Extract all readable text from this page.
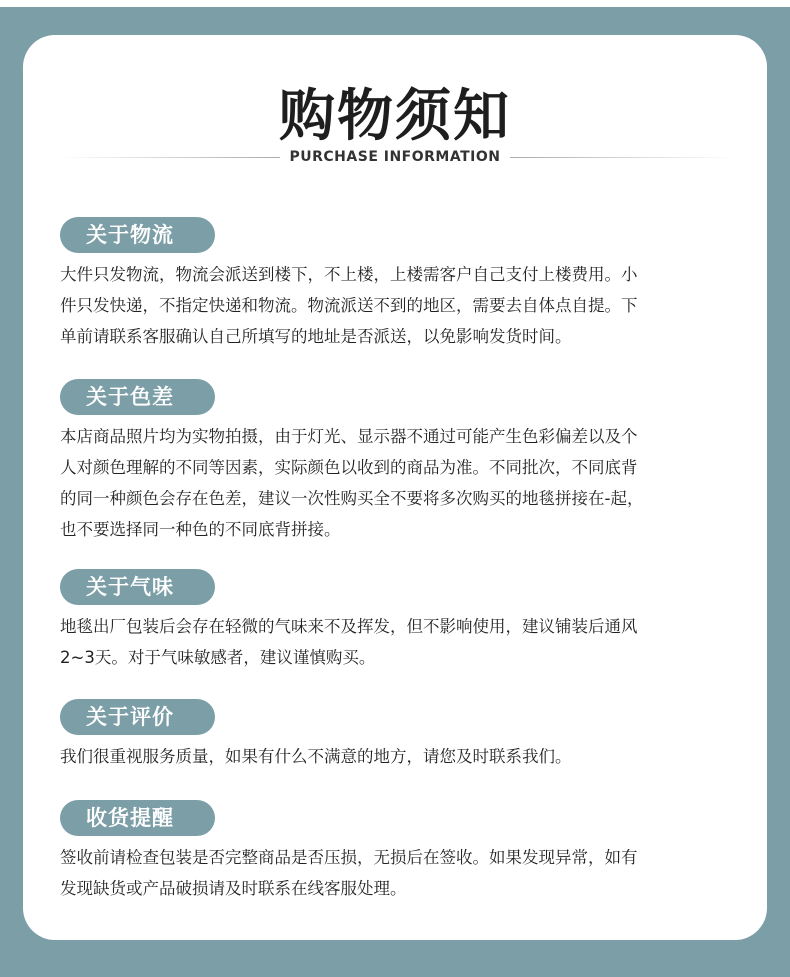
购物须知
PURCHASE INFORMATION
关于物流
大件只发物流，物流会派送到楼下，不上楼，上楼需客户自己支付上楼费用。小
件只发快递，不指定快递和物流。物流派送不到的地区，需要去自体点自提。下
单前请联系客服确认自己所填写的地址是否派送，以免影响发货时间。
关于色差
本店商品照片均为实物拍摄，由于灯光、显示器不通过可能产生色彩偏差以及个
人对颜色理解的不同等因素，实际颜色以收到的商品为准。不同批次，不同底背
的同一种颜色会存在色差，建议一次性购买全不要将多次购买的地毯拼接在-起，
也不要选择同一种色的不同底背拼接。
关于气味
地毯出厂包装后会存在轻微的气味来不及挥发，但不影响使用，建议铺装后通风
2~3天。对于气味敏感者，建议谨慎购买。
关于评价
我们很重视服务质量，如果有什么不满意的地方，请您及时联系我们。
收货提醒
签收前请检查包装是否完整商品是否压损，无损后在签收。如果发现异常，如有
发现缺货或产品破损请及时联系在线客服处理。
